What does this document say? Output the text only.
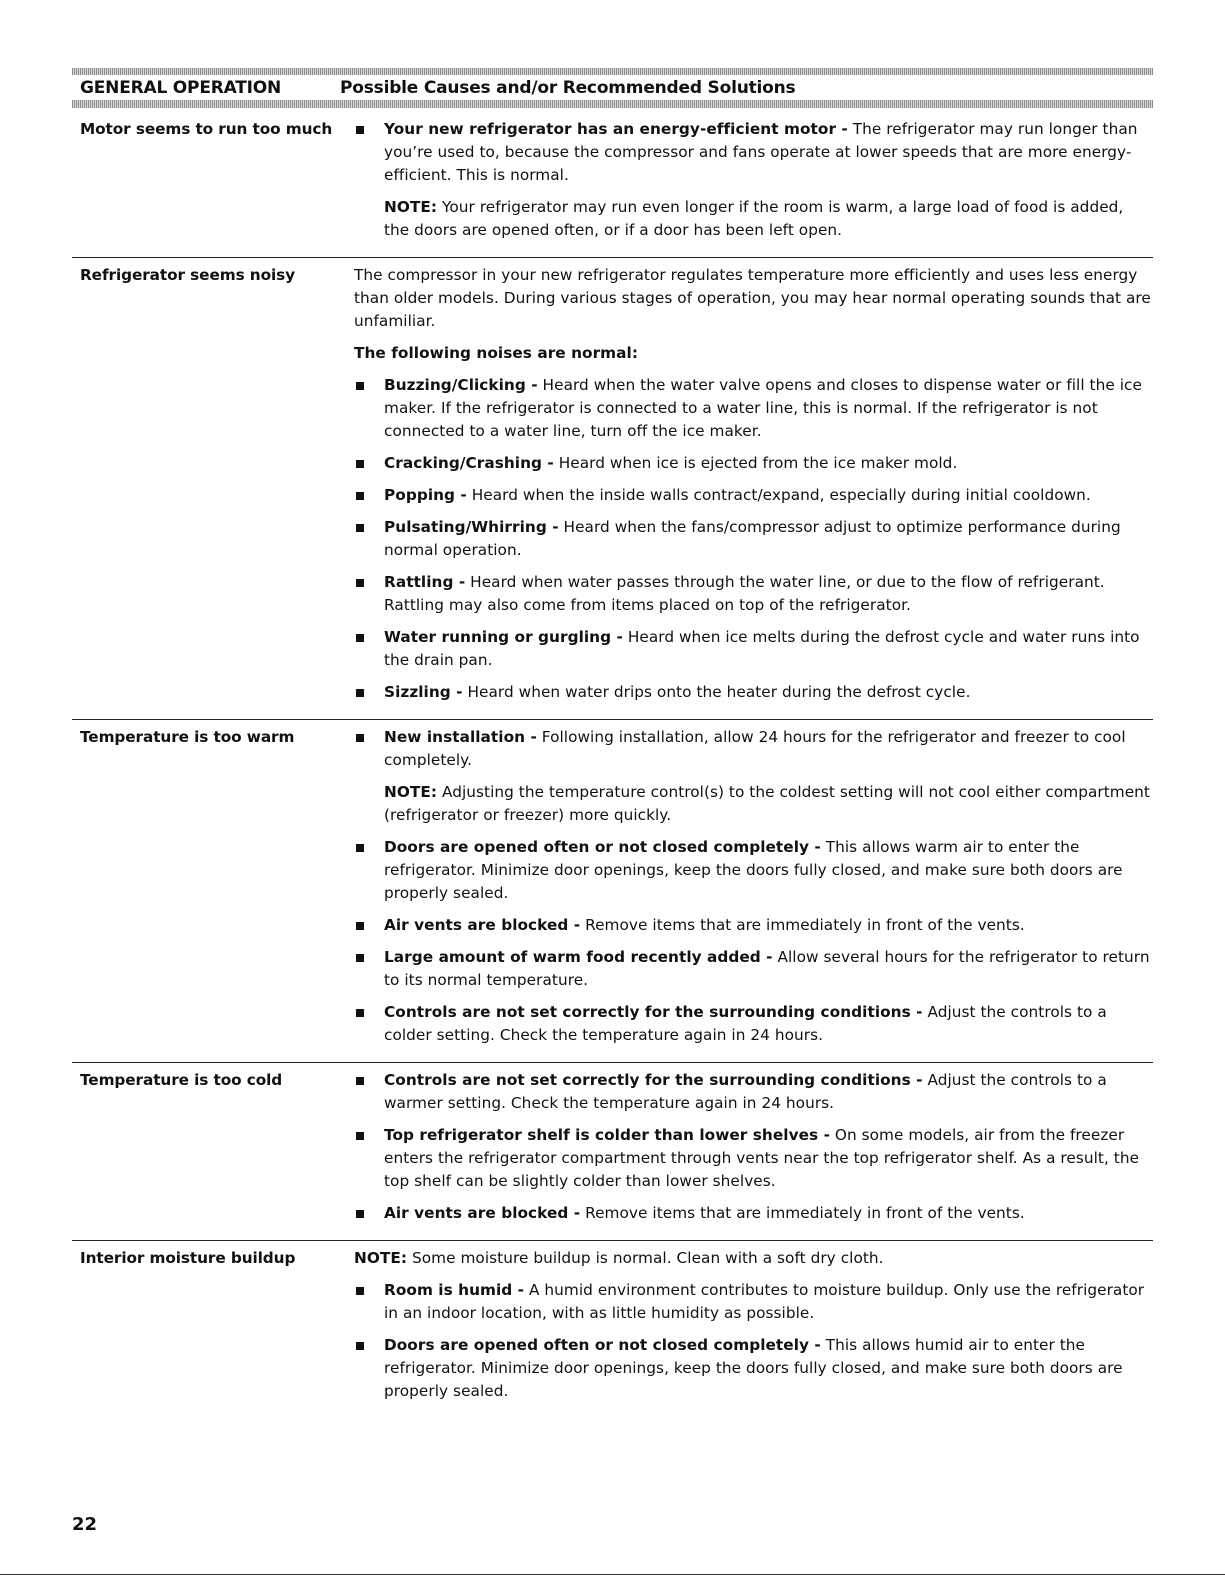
GENERAL OPERATION	Possible Causes and/or Recommended Solutions
Motor seems to run too much	Your new refrigerator has an energy-efficient motor - The refrigerator may run longer than you’re used to, because the compressor and fans operate at lower speeds that are more energy-efficient. This is normal.
NOTE: Your refrigerator may run even longer if the room is warm, a large load of food is added, the doors are opened often, or if a door has been left open.
Refrigerator seems noisy	The compressor in your new refrigerator regulates temperature more efficiently and uses less energy than older models. During various stages of operation, you may hear normal operating sounds that are unfamiliar.
The following noises are normal:
Buzzing/Clicking - Heard when the water valve opens and closes to dispense water or fill the ice maker. If the refrigerator is connected to a water line, this is normal. If the refrigerator is not connected to a water line, turn off the ice maker.
Cracking/Crashing - Heard when ice is ejected from the ice maker mold.
Popping - Heard when the inside walls contract/expand, especially during initial cooldown.
Pulsating/Whirring - Heard when the fans/compressor adjust to optimize performance during normal operation.
Rattling - Heard when water passes through the water line, or due to the flow of refrigerant. Rattling may also come from items placed on top of the refrigerator.
Water running or gurgling - Heard when ice melts during the defrost cycle and water runs into the drain pan.
Sizzling - Heard when water drips onto the heater during the defrost cycle.
Temperature is too warm	New installation - Following installation, allow 24 hours for the refrigerator and freezer to cool completely.
NOTE: Adjusting the temperature control(s) to the coldest setting will not cool either compartment (refrigerator or freezer) more quickly.
Doors are opened often or not closed completely - This allows warm air to enter the refrigerator. Minimize door openings, keep the doors fully closed, and make sure both doors are properly sealed.
Air vents are blocked - Remove items that are immediately in front of the vents.
Large amount of warm food recently added - Allow several hours for the refrigerator to return to its normal temperature.
Controls are not set correctly for the surrounding conditions - Adjust the controls to a colder setting. Check the temperature again in 24 hours.
Temperature is too cold	Controls are not set correctly for the surrounding conditions - Adjust the controls to a warmer setting. Check the temperature again in 24 hours.
Top refrigerator shelf is colder than lower shelves - On some models, air from the freezer enters the refrigerator compartment through vents near the top refrigerator shelf. As a result, the top shelf can be slightly colder than lower shelves.
Air vents are blocked - Remove items that are immediately in front of the vents.
Interior moisture buildup	NOTE: Some moisture buildup is normal. Clean with a soft dry cloth.
Room is humid - A humid environment contributes to moisture buildup. Only use the refrigerator in an indoor location, with as little humidity as possible.
Doors are opened often or not closed completely - This allows humid air to enter the refrigerator. Minimize door openings, keep the doors fully closed, and make sure both doors are properly sealed.
22
